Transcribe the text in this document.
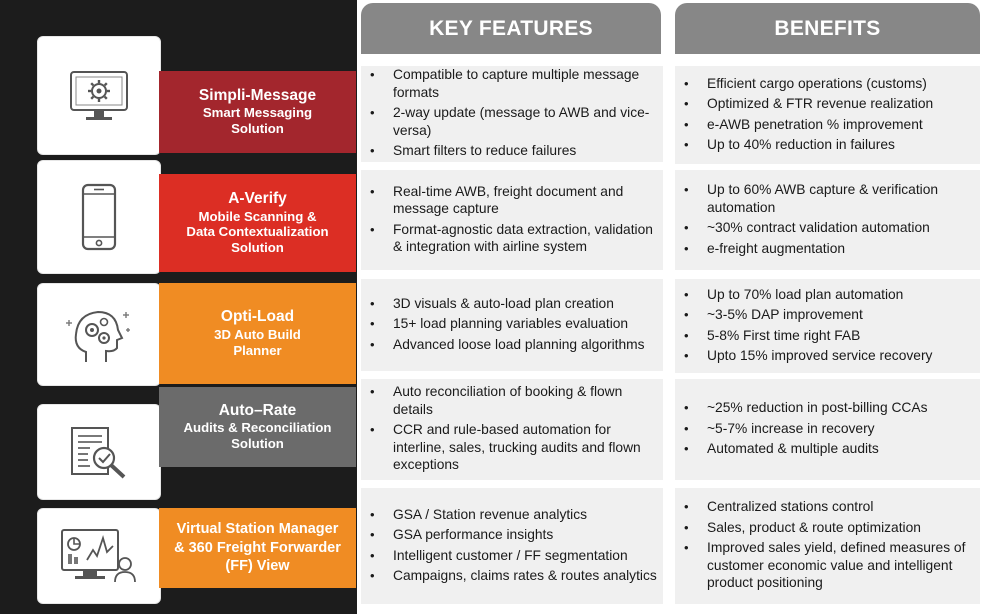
KEY FEATURES	BENEFITS
Simpli-Message
Smart Messaging
Solution
• Compatible to capture multiple message formats
• 2-way update (message to AWB and vice-versa)
• Smart filters to reduce failures
• Efficient cargo operations (customs)
• Optimized & FTR revenue realization
• e-AWB penetration % improvement
• Up to 40% reduction in failures
A-Verify
Mobile Scanning &
Data Contextualization
Solution
• Real-time AWB, freight document and message capture
• Format-agnostic data extraction, validation & integration with airline system
• Up to 60% AWB capture & verification automation
• ~30% contract validation automation
• e-freight augmentation
Opti-Load
3D Auto Build
Planner
• 3D visuals & auto-load plan creation
• 15+ load planning variables evaluation
• Advanced loose load planning algorithms
• Up to 70% load plan automation
• ~3-5% DAP improvement
• 5-8% First time right FAB
• Upto 15% improved service recovery
Auto–Rate
Audits & Reconciliation
Solution
• Auto reconciliation of booking & flown details
• CCR and rule-based automation for interline, sales, trucking audits and flown exceptions
• ~25% reduction in post-billing CCAs
• ~5-7% increase in recovery
• Automated & multiple audits
Virtual Station Manager & 360 Freight Forwarder (FF) View
• GSA / Station revenue analytics
• GSA performance insights
• Intelligent customer / FF segmentation
• Campaigns, claims rates & routes analytics
• Centralized stations control
• Sales, product & route optimization
• Improved sales yield, defined measures of customer economic value and intelligent product positioning
